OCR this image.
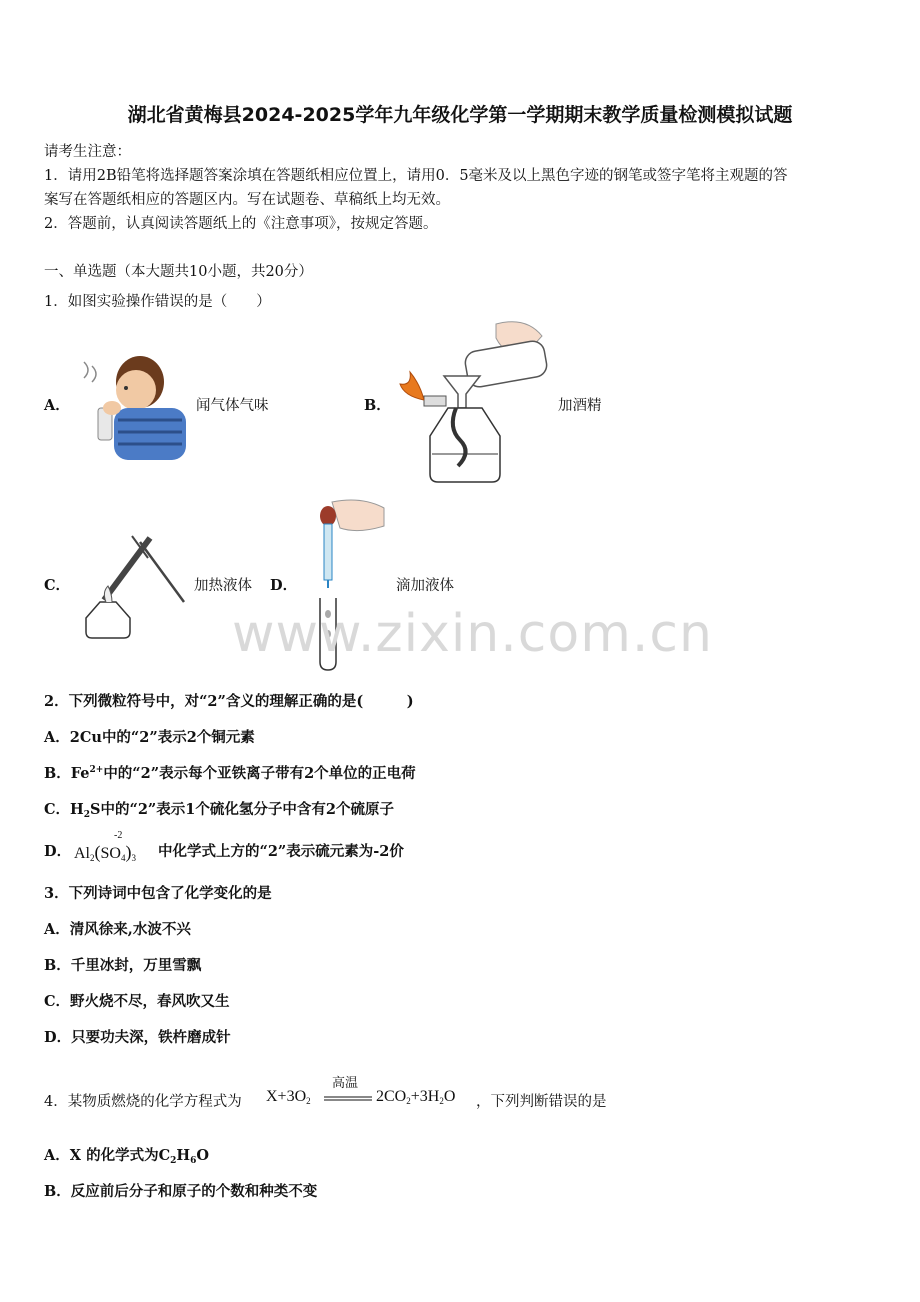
湖北省黄梅县2024-2025学年九年级化学第一学期期末教学质量检测模拟试题
请考生注意：
1．请用2B铅笔将选择题答案涂填在答题纸相应位置上，请用0．5毫米及以上黑色字迹的钢笔或签字笔将主观题的答
案写在答题纸相应的答题区内。写在试题卷、草稿纸上均无效。
2．答题前，认真阅读答题纸上的《注意事项》，按规定答题。
一、单选题（本大题共10小题，共20分）
1．如图实验操作错误的是（　　）
A．	闻气体气味	B．	加酒精
C．	加热液体 D．	滴加液体
www.zixin.com.cn
2．下列微粒符号中，对“2”含义的理解正确的是(　　　)
A．2Cu中的“2”表示2个铜元素
B．$Fe^{2+}$中的“2”表示每个亚铁离子带有2个单位的正电荷
C．$H_2S$中的“2”表示1个硫化氢分子中含有2个硫原子
D． $Al_2(SO_4)_3$
-2
中化学式上方的“2”表示硫元素为-2价
3．下列诗词中包含了化学变化的是
A．清风徐来,水波不兴
B．千里冰封，万里雪飘
C．野火烧不尽，春风吹又生
D．只要功夫深，铁杵磨成针
4．某物质燃烧的化学方程式为 $X+3O_2$
高温
$2CO_2+3H_2O$ ，下列判断错误的是
A．X 的化学式为$C_2H_6O$
B．反应前后分子和原子的个数和种类不变
